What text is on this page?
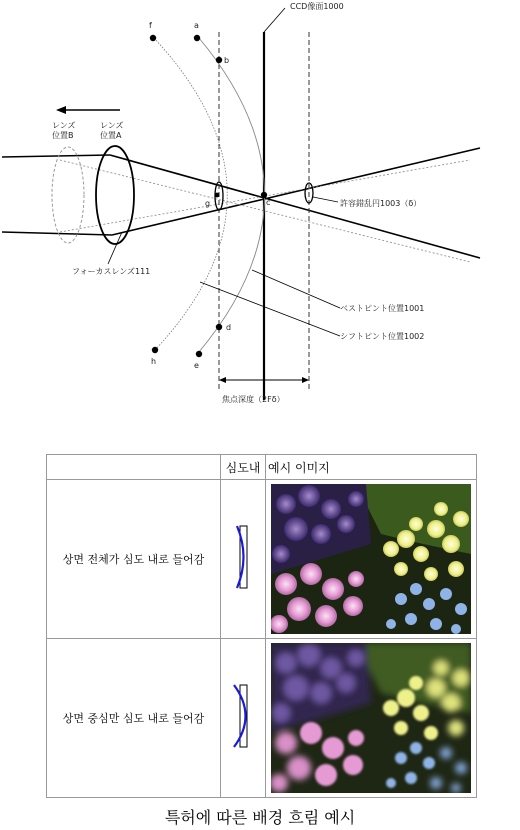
CCD像面1000
f	a
b
c
g
d
e
h
レンズ
位置B
レンズ
位置A
フォーカスレンズ111
許容錯乱円1003（δ）
ベストピント位置1001
シフトピント位置1002
焦点深度（2Fδ）
	심도내	예시 이미지
상면 전체가 심도 내로 들어감		

상면 중심만 심도 내로 들어감		
특허에 따른 배경 흐림 예시
